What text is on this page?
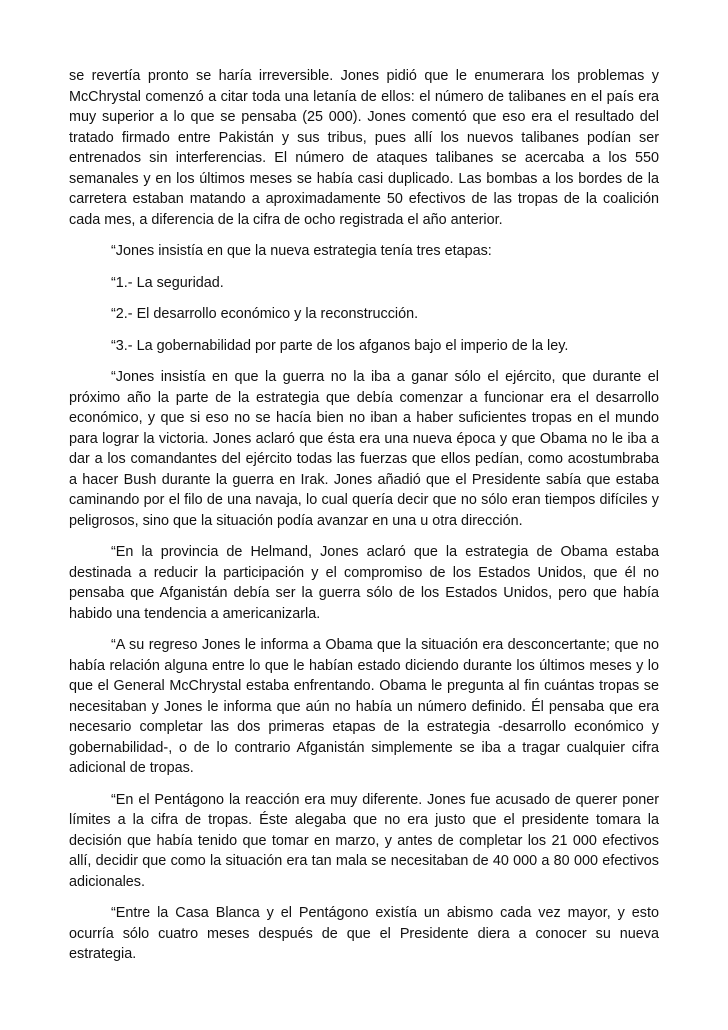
se revertía pronto se haría irreversible. Jones pidió que le enumerara los problemas y McChrystal comenzó a citar toda una letanía de ellos: el número de talibanes en el país era muy superior a lo que se pensaba (25 000). Jones comentó que eso era el resultado del tratado firmado entre Pakistán y sus tribus, pues allí los nuevos talibanes podían ser entrenados sin interferencias. El número de ataques talibanes se acercaba a los 550 semanales y en los últimos meses se había casi duplicado. Las bombas a los bordes de la carretera estaban matando a aproximadamente 50 efectivos de las tropas de la coalición cada mes, a diferencia de la cifra de ocho registrada el año anterior.

“Jones insistía en que la nueva estrategia tenía tres etapas:

“1.- La seguridad.

“2.- El desarrollo económico y la reconstrucción.

“3.- La gobernabilidad por parte de los afganos bajo el imperio de la ley.

“Jones insistía en que la guerra no la iba a ganar sólo el ejército, que durante el próximo año la parte de la estrategia que debía comenzar a funcionar era el desarrollo económico, y que si eso no se hacía bien no iban a haber suficientes tropas en el mundo para lograr la victoria. Jones aclaró que ésta era una nueva época y que Obama no le iba a dar a los comandantes del ejército todas las fuerzas que ellos pedían, como acostumbraba a hacer Bush durante la guerra en Irak. Jones añadió que el Presidente sabía que estaba caminando por el filo de una navaja, lo cual quería decir que no sólo eran tiempos difíciles y peligrosos, sino que la situación podía avanzar en una u otra dirección.

“En la provincia de Helmand, Jones aclaró que la estrategia de Obama estaba destinada a reducir la participación y el compromiso de los Estados Unidos, que él no pensaba que Afganistán debía ser la guerra sólo de los Estados Unidos, pero que había habido una tendencia a americanizarla.

“A su regreso Jones le informa a Obama que la situación era desconcertante; que no había relación alguna entre lo que le habían estado diciendo durante los últimos meses y lo que el General McChrystal estaba enfrentando. Obama le pregunta al fin cuántas tropas se necesitaban y Jones le informa que aún no había un número definido. Él pensaba que era necesario completar las dos primeras etapas de la estrategia -desarrollo económico y gobernabilidad-, o de lo contrario Afganistán simplemente se iba a tragar cualquier cifra adicional de tropas.

“En el Pentágono la reacción era muy diferente. Jones fue acusado de querer poner límites a la cifra de tropas. Éste alegaba que no era justo que el presidente tomara la decisión que había tenido que tomar en marzo, y antes de completar los 21 000 efectivos allí, decidir que como la situación era tan mala se necesitaban de 40 000 a 80 000 efectivos adicionales.

“Entre la Casa Blanca y el Pentágono existía un abismo cada vez mayor, y esto ocurría sólo cuatro meses después de que el Presidente diera a conocer su nueva estrategia.
